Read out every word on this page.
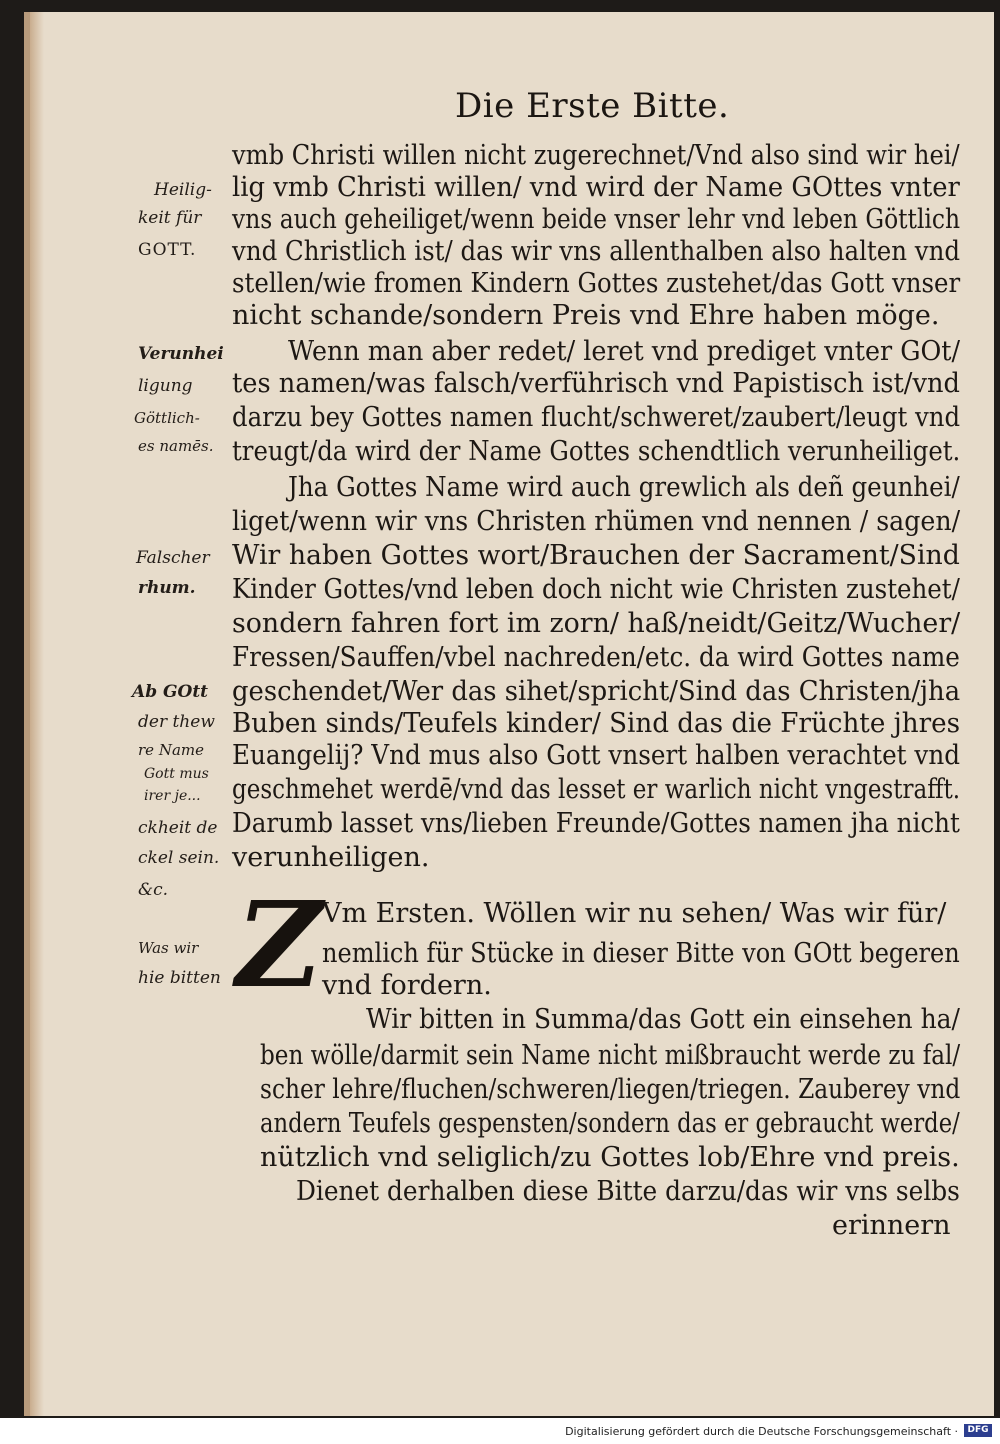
Die Erste Bitte.
Z
vmb Christi willen nicht zugerechnet/Vnd also sind wir hei/
lig vmb Christi willen/ vnd wird der Name GOttes vnter
vns auch geheiliget/wenn beide vnser lehr vnd leben Göttlich
vnd Christlich ist/ das wir vns allenthalben also halten vnd
stellen/wie fromen Kindern Gottes zustehet/das Gott vnser
nicht schande/sondern Preis vnd Ehre haben möge.
Wenn man aber redet/ leret vnd prediget vnter GOt/
tes namen/was falsch/verführisch vnd Papistisch ist/vnd
darzu bey Gottes namen flucht/schweret/zaubert/leugt vnd
treugt/da wird der Name Gottes schendtlich verunheiliget.
Jha Gottes Name wird auch grewlich als deñ geunhei/
liget/wenn wir vns Christen rhümen vnd nennen / sagen/
Wir haben Gottes wort/Brauchen der Sacrament/Sind
Kinder Gottes/vnd leben doch nicht wie Christen zustehet/
sondern fahren fort im zorn/ haß/neidt/Geitz/Wucher/
Fressen/Sauffen/vbel nachreden/etc. da wird Gottes name
geschendet/Wer das sihet/spricht/Sind das Christen/jha
Buben sinds/Teufels kinder/ Sind das die Früchte jhres
Euangelij? Vnd mus also Gott vnsert halben verachtet vnd
geschmehet werdē/vnd das lesset er warlich nicht vngestrafft.
Darumb lasset vns/lieben Freunde/Gottes namen jha nicht
verunheiligen.
Vm Ersten. Wöllen wir nu sehen/ Was wir für/
nemlich für Stücke in dieser Bitte von GOtt begeren
vnd fordern.
Wir bitten in Summa/das Gott ein einsehen ha/
ben wölle/darmit sein Name nicht mißbraucht werde zu fal/
scher lehre/fluchen/schweren/liegen/triegen. Zauberey vnd
andern Teufels gespensten/sondern das er gebraucht werde/
nützlich vnd seliglich/zu Gottes lob/Ehre vnd preis.
Dienet derhalben diese Bitte darzu/das wir vns selbs
erinnern
Heilig-
keit für
GOTT.
Verunhei
ligung
Göttlich-
es namēs.
Falscher
rhum.
Ab GOtt
der thew
re Name
Gott mus
irer je...
ckheit de
ckel sein.
&c.
Was wir
hie bitten
Digitalisierung gefördert durch die Deutsche Forschungsgemeinschaft ·	DFG
